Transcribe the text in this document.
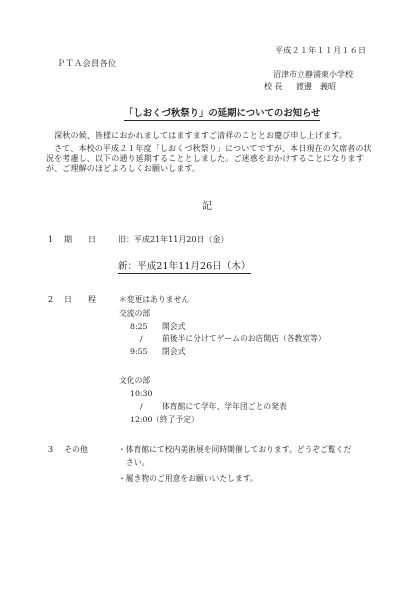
平成２１年１１月１６日
ＰＴＡ会員各位
沼津市立静浦東小学校
校 長 渡邊　義昭
「しおくづ秋祭り」の延期についてのお知らせ
　深秋の候、皆様におかれましてはますますご清祥のこととお慶び申し上げます。
　さて、本校の平成２１年度「しおくづ秋祭り」についてですが、本日現在の欠席者の状況を考慮し、以下の通り延期することとしました。ご迷惑をおかけすることになりますが、ご理解のほどよろしくお願いします。
記
1 期　　日	旧：平成21年11月20日（金）
新：平成21年11月26日（木）
2 日　　程	＊変更はありません
交流の部
8:25 開会式
/ 前後半に分けてゲームのお店開店（各教室等）
9:55 閉会式
文化の部
10:30
/ 体育館にて学年、学年団ごとの発表
12:00 （終了予定）
3 その他	・体育館にて校内美術展を同時開催しております。どうぞご覧くだ
さい。
・履き物のご用意をお願いいたします。
